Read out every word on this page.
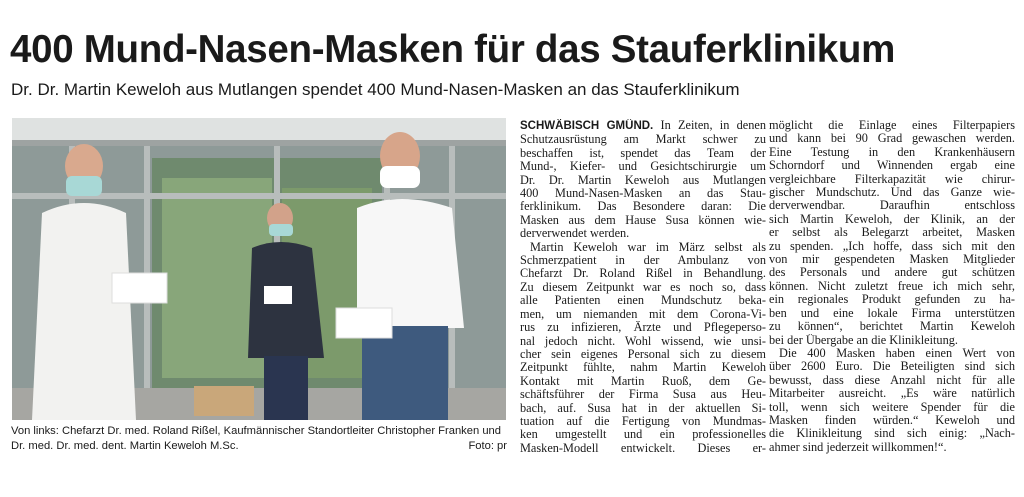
400 Mund-Nasen-Masken für das Stauferklinikum
Dr. Dr. Martin Keweloh aus Mutlangen spendet 400 Mund-Nasen-Masken an das Stauferklinikum
Von links: Chefarzt Dr. med. Roland Rißel, Kaufmännischer Standortleiter Christopher Franken und
Dr. med. Dr. med. dent. Martin Keweloh M.Sc.	Foto: pr
SCHWÄBISCH GMÜND. In Zeiten, in denen
Schutzausrüstung am Markt schwer zu
beschaffen ist, spendet das Team der
Mund-, Kiefer- und Gesichtschirurgie um
Dr. Dr. Martin Keweloh aus Mutlangen
400 Mund-Nasen-Masken an das Stau-
ferklinikum. Das Besondere daran: Die
Masken aus dem Hause Susa können wie-
derverwendet werden.
Martin Keweloh war im März selbst als
Schmerzpatient in der Ambulanz von
Chefarzt Dr. Roland Rißel in Behandlung.
Zu diesem Zeitpunkt war es noch so, dass
alle Patienten einen Mundschutz beka-
men, um niemanden mit dem Corona-Vi-
rus zu infizieren, Ärzte und Pflegeperso-
nal jedoch nicht. Wohl wissend, wie unsi-
cher sein eigenes Personal sich zu diesem
Zeitpunkt fühlte, nahm Martin Keweloh
Kontakt mit Martin Ruoß, dem Ge-
schäftsführer der Firma Susa aus Heu-
bach, auf. Susa hat in der aktuellen Si-
tuation auf die Fertigung von Mundmas-
ken umgestellt und ein professionelles
Masken-Modell entwickelt. Dieses er-
möglicht die Einlage eines Filterpapiers
und kann bei 90 Grad gewaschen werden.
Eine Testung in den Krankenhäusern
Schorndorf und Winnenden ergab eine
vergleichbare Filterkapazität wie chirur-
gischer Mundschutz. Und das Ganze wie-
derverwendbar. Daraufhin entschloss
sich Martin Keweloh, der Klinik, an der
er selbst als Belegarzt arbeitet, Masken
zu spenden. „Ich hoffe, dass sich mit den
von mir gespendeten Masken Mitglieder
des Personals und andere gut schützen
können. Nicht zuletzt freue ich mich sehr,
ein regionales Produkt gefunden zu ha-
ben und eine lokale Firma unterstützen
zu können“, berichtet Martin Keweloh
bei der Übergabe an die Klinikleitung.
Die 400 Masken haben einen Wert von
über 2600 Euro. Die Beteiligten sind sich
bewusst, dass diese Anzahl nicht für alle
Mitarbeiter ausreicht. „Es wäre natürlich
toll, wenn sich weitere Spender für die
Masken finden würden.“ Keweloh und
die Klinikleitung sind sich einig: „Nach-
ahmer sind jederzeit willkommen!“.
